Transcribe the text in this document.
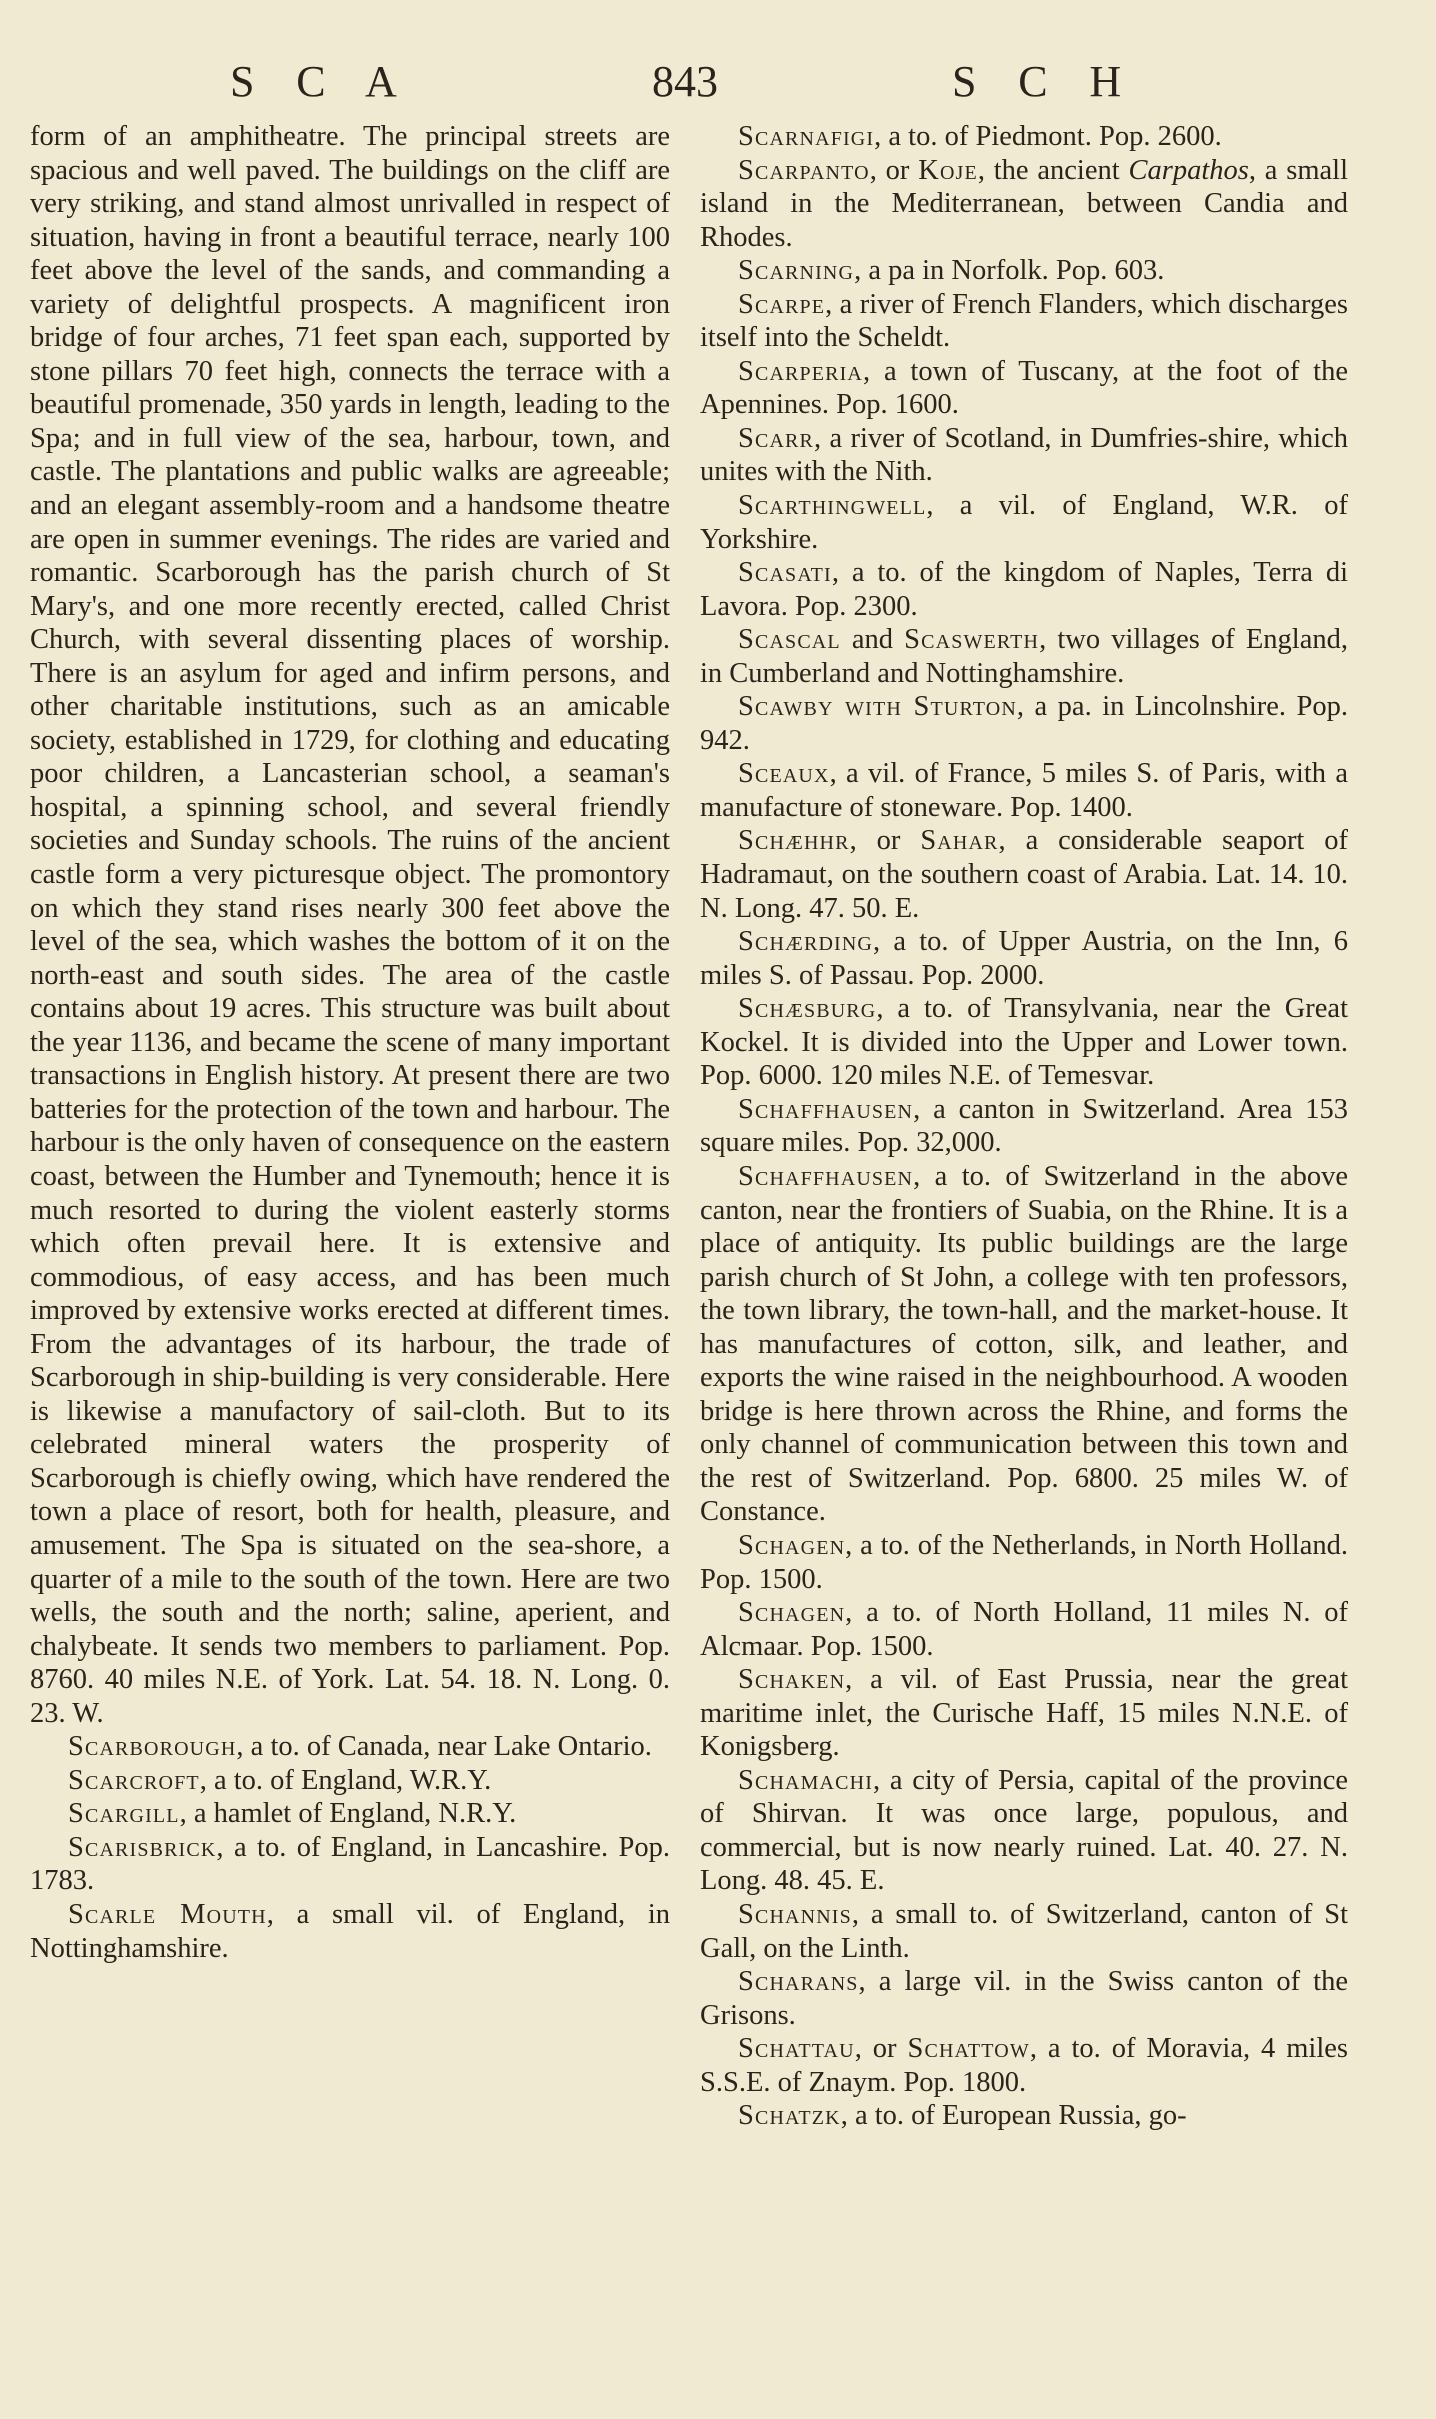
S C A	843	S C H

form of an amphitheatre. The principal streets are spacious and well paved. The buildings on the cliff are very striking, and stand almost unrivalled in respect of situation, having in front a beautiful terrace, nearly 100 feet above the level of the sands, and commanding a variety of delightful prospects. A magnificent iron bridge of four arches, 71 feet span each, supported by stone pillars 70 feet high, connects the terrace with a beautiful promenade, 350 yards in length, leading to the Spa; and in full view of the sea, harbour, town, and castle. The plantations and public walks are agreeable; and an elegant assembly-room and a handsome theatre are open in summer evenings. The rides are varied and romantic. Scarborough has the parish church of St Mary's, and one more recently erected, called Christ Church, with several dissenting places of worship. There is an asylum for aged and infirm persons, and other charitable institutions, such as an amicable society, established in 1729, for clothing and educating poor children, a Lancasterian school, a seaman's hospital, a spinning school, and several friendly societies and Sunday schools. The ruins of the ancient castle form a very picturesque object. The promontory on which they stand rises nearly 300 feet above the level of the sea, which washes the bottom of it on the north-east and south sides. The area of the castle contains about 19 acres. This structure was built about the year 1136, and became the scene of many important transactions in English history. At present there are two batteries for the protection of the town and harbour. The harbour is the only haven of consequence on the eastern coast, between the Humber and Tynemouth; hence it is much resorted to during the violent easterly storms which often prevail here. It is extensive and commodious, of easy access, and has been much improved by extensive works erected at different times. From the advantages of its harbour, the trade of Scarborough in ship-building is very considerable. Here is likewise a manufactory of sail-cloth. But to its celebrated mineral waters the prosperity of Scarborough is chiefly owing, which have rendered the town a place of resort, both for health, pleasure, and amusement. The Spa is situated on the sea-shore, a quarter of a mile to the south of the town. Here are two wells, the south and the north; saline, aperient, and chalybeate. It sends two members to parliament. Pop. 8760. 40 miles N.E. of York. Lat. 54. 18. N. Long. 0. 23. W.

Scarborough, a to. of Canada, near Lake Ontario.

Scarcroft, a to. of England, W.R.Y.

Scargill, a hamlet of England, N.R.Y.

Scarisbrick, a to. of England, in Lancashire. Pop. 1783.

Scarle Mouth, a small vil. of England, in Nottinghamshire.

Scarnafigi, a to. of Piedmont. Pop. 2600.

Scarpanto, or Koje, the ancient Carpathos, a small island in the Mediterranean, between Candia and Rhodes.

Scarning, a pa in Norfolk. Pop. 603.

Scarpe, a river of French Flanders, which discharges itself into the Scheldt.

Scarperia, a town of Tuscany, at the foot of the Apennines. Pop. 1600.

Scarr, a river of Scotland, in Dumfries-shire, which unites with the Nith.

Scarthingwell, a vil. of England, W.R. of Yorkshire.

Scasati, a to. of the kingdom of Naples, Terra di Lavora. Pop. 2300.

Scascal and Scaswerth, two villages of England, in Cumberland and Nottinghamshire.

Scawby with Sturton, a pa. in Lincolnshire. Pop. 942.

Sceaux, a vil. of France, 5 miles S. of Paris, with a manufacture of stoneware. Pop. 1400.

Schæhhr, or Sahar, a considerable seaport of Hadramaut, on the southern coast of Arabia. Lat. 14. 10. N. Long. 47. 50. E.

Schærding, a to. of Upper Austria, on the Inn, 6 miles S. of Passau. Pop. 2000.

Schæsburg, a to. of Transylvania, near the Great Kockel. It is divided into the Upper and Lower town. Pop. 6000. 120 miles N.E. of Temesvar.

Schaffhausen, a canton in Switzerland. Area 153 square miles. Pop. 32,000.

Schaffhausen, a to. of Switzerland in the above canton, near the frontiers of Suabia, on the Rhine. It is a place of antiquity. Its public buildings are the large parish church of St John, a college with ten professors, the town library, the town-hall, and the market-house. It has manufactures of cotton, silk, and leather, and exports the wine raised in the neighbourhood. A wooden bridge is here thrown across the Rhine, and forms the only channel of communication between this town and the rest of Switzerland. Pop. 6800. 25 miles W. of Constance.

Schagen, a to. of the Netherlands, in North Holland. Pop. 1500.

Schagen, a to. of North Holland, 11 miles N. of Alcmaar. Pop. 1500.

Schaken, a vil. of East Prussia, near the great maritime inlet, the Curische Haff, 15 miles N.N.E. of Konigsberg.

Schamachi, a city of Persia, capital of the province of Shirvan. It was once large, populous, and commercial, but is now nearly ruined. Lat. 40. 27. N. Long. 48. 45. E.

Schannis, a small to. of Switzerland, canton of St Gall, on the Linth.

Scharans, a large vil. in the Swiss canton of the Grisons.

Schattau, or Schattow, a to. of Moravia, 4 miles S.S.E. of Znaym. Pop. 1800.

Schatzk, a to. of European Russia, go-
